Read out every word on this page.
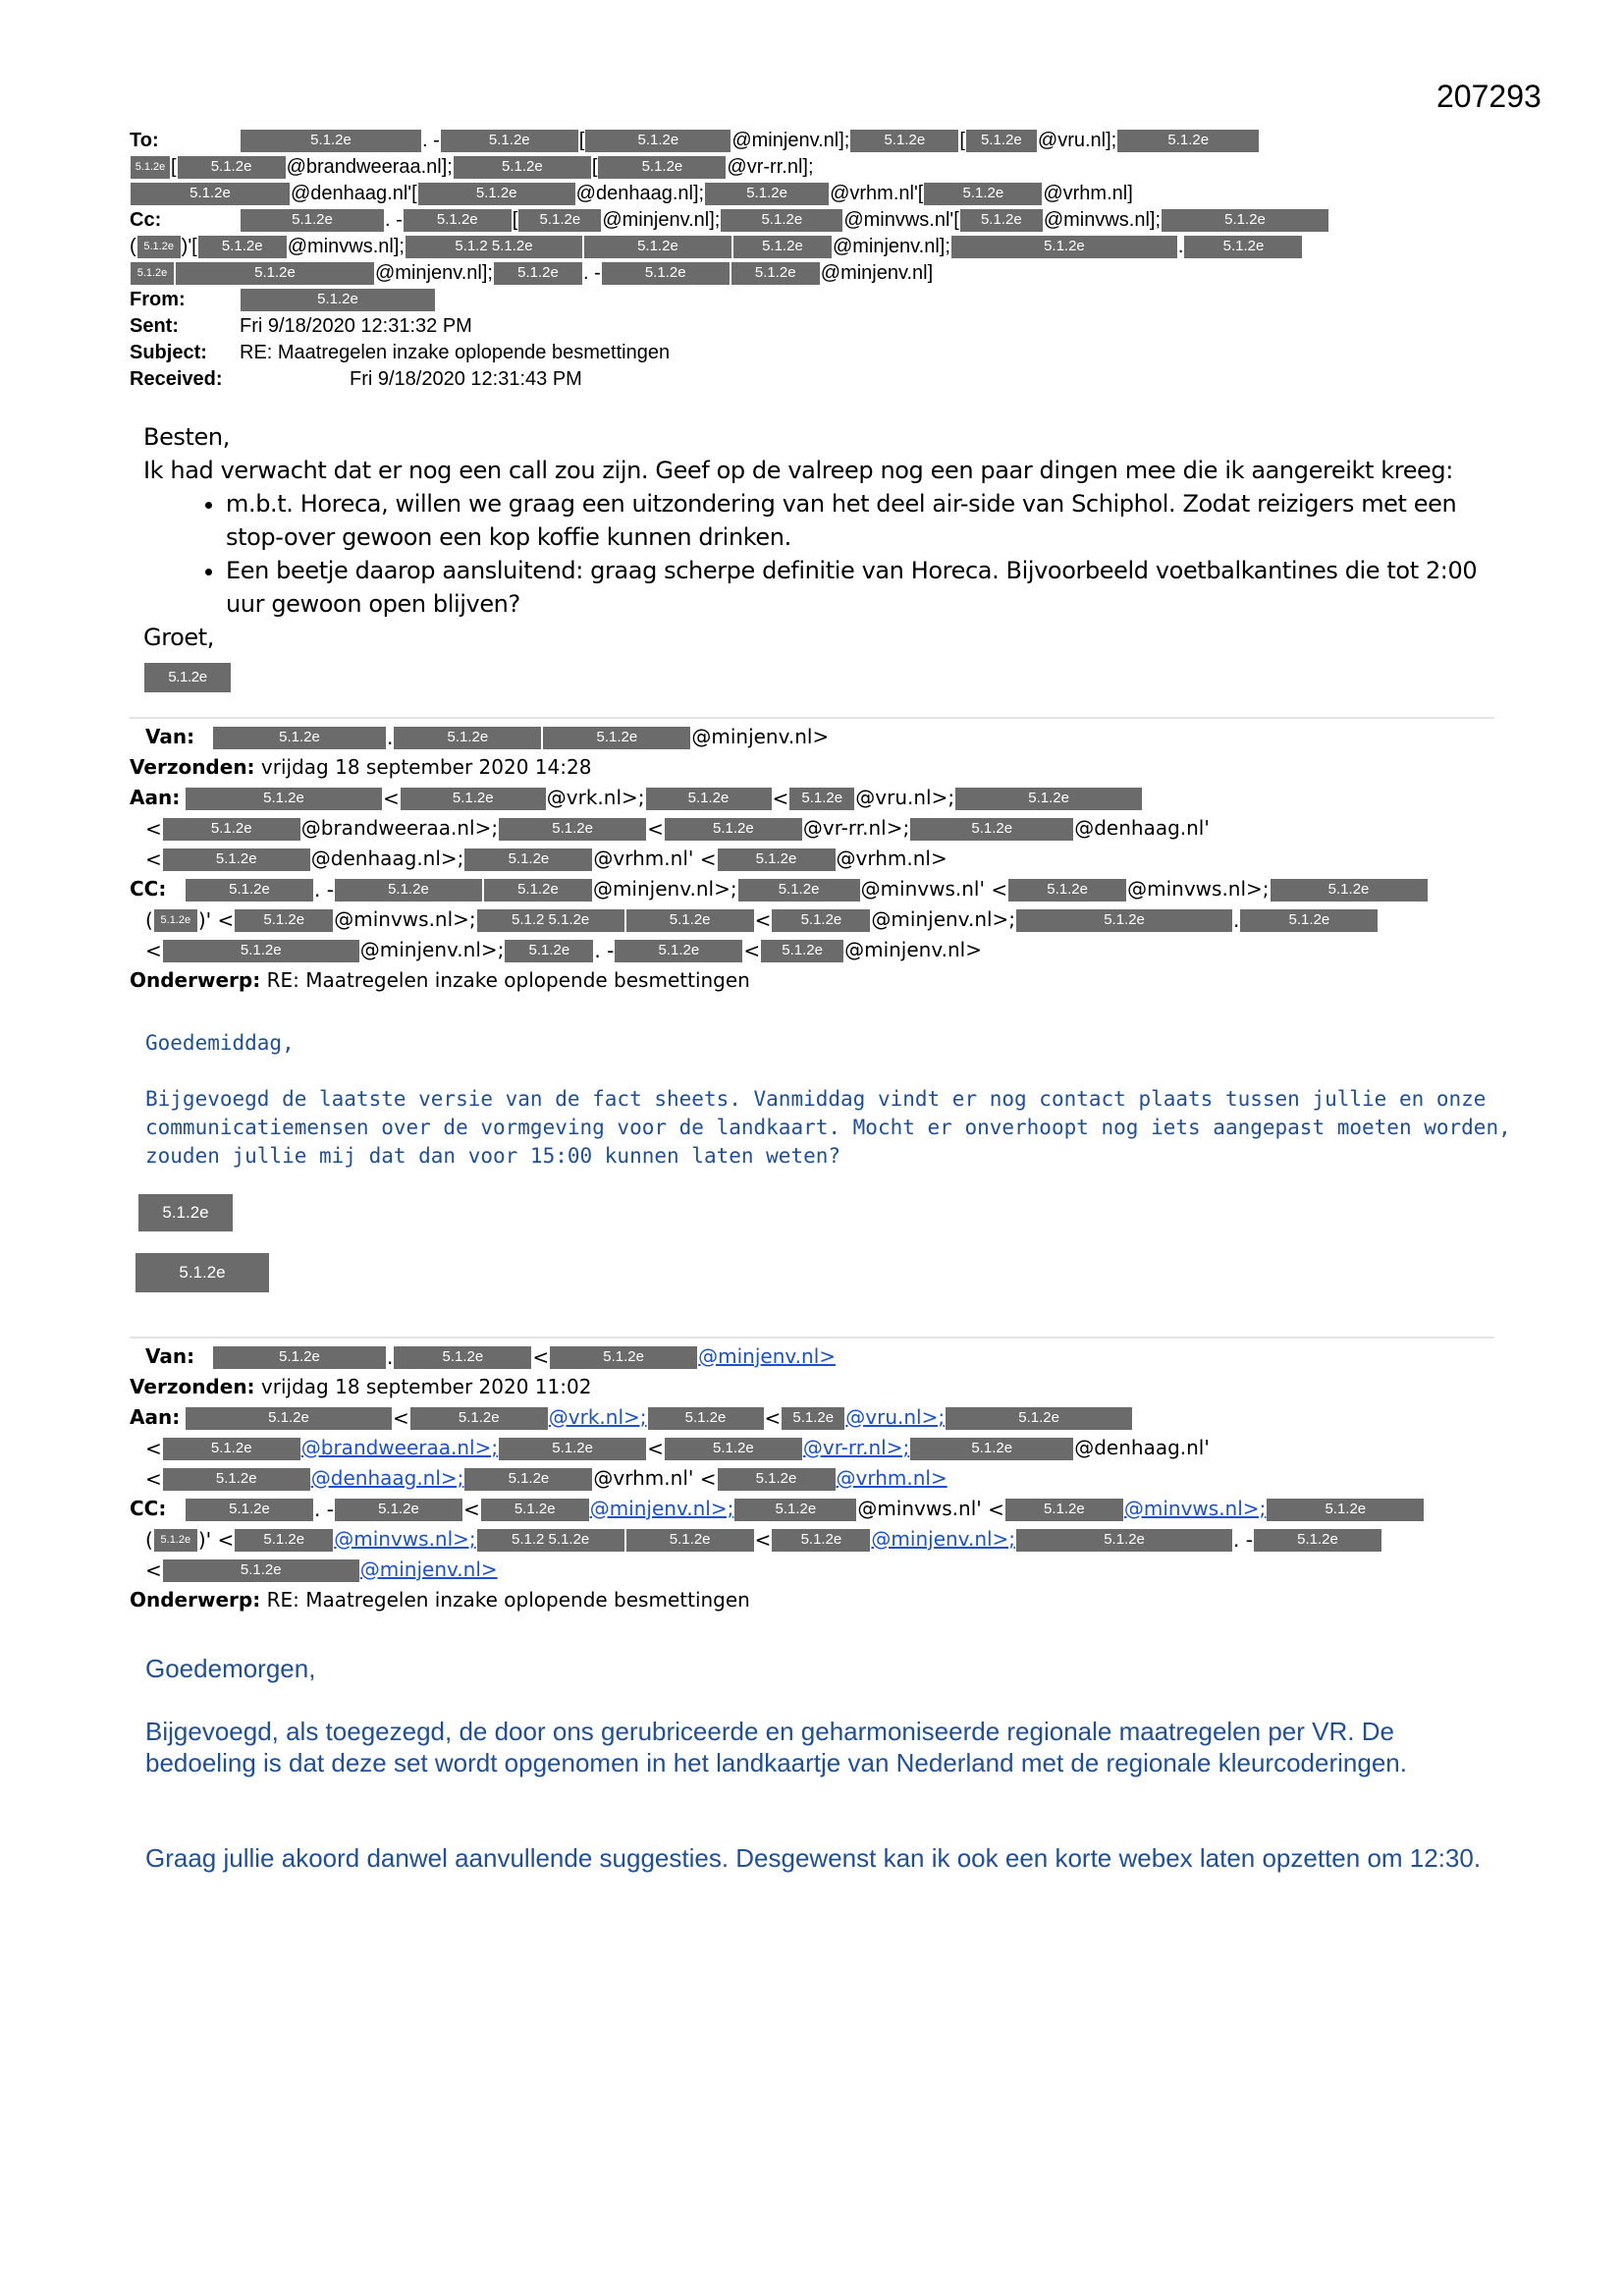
207293
To:	5.1.2e	. -	5.1.2e	[	5.1.2e	@minjenv.nl]; 5.1.2e [ 5.1.2e @vru.nl];	5.1.2e
5.1.2e [ 5.1.2e @brandweeraa.nl];	5.1.2e	[	5.1.2e @vr-rr.nl];
5.1.2e	@denhaag.nl'[	5.1.2e	@denhaag.nl];	5.1.2e @vrhm.nl'[	5.1.2e @vrhm.nl]
Cc:	5.1.2e	. - 5.1.2e [ 5.1.2e @minjenv.nl];	5.1.2e @minvws.nl'[ 5.1.2e @minvws.nl];	5.1.2e
( 5.1.2e )'[ 5.1.2e @minvws.nl];	5.1.2 5.1.2e	5.1.2e	5.1.2e @minjenv.nl];	5.1.2e	.	5.1.2e
5.1.2e	5.1.2e	@minjenv.nl]; 5.1.2e . -	5.1.2e	5.1.2e @minjenv.nl]
From:	5.1.2e
Sent:	Fri 9/18/2020 12:31:32 PM
Subject: RE: Maatregelen inzake oplopende besmettingen
Received:	Fri 9/18/2020 12:31:43 PM

Besten,

Ik had verwacht dat er nog een call zou zijn. Geef op de valreep nog een paar dingen mee die ik aangereikt kreeg:

• m.b.t. Horeca, willen we graag een uitzondering van het deel air-side van Schiphol. Zodat reizigers met een stop-over gewoon een kop koffie kunnen drinken.
• Een beetje daarop aansluitend: graag scherpe definitie van Horeca. Bijvoorbeeld voetbalkantines die tot 2:00 uur gewoon open blijven?

Groet,

5.1.2e
Van:	5.1.2e	.	5.1.2e	5.1.2e	@minjenv.nl>
Verzonden: vrijdag 18 september 2020 14:28
Aan:	5.1.2e	<	5.1.2e	@vrk.nl>;	5.1.2e < 5.1.2e @vru.nl>;	5.1.2e
<	5.1.2e	@brandweeraa.nl>;	5.1.2e	<	5.1.2e	@vr-rr.nl>;	5.1.2e	@denhaag.nl'
<	5.1.2e	@denhaag.nl>;	5.1.2e @vrhm.nl' <	5.1.2e @vrhm.nl>
CC:	5.1.2e . -	5.1.2e	5.1.2e @minjenv.nl>;	5.1.2e @minvws.nl' <	5.1.2e @minvws.nl>;	5.1.2e
( 5.1.2e )' < 5.1.2e @minvws.nl>; 5.1.2 5.1.2e	5.1.2e < 5.1.2e @minjenv.nl>;	5.1.2e	.	5.1.2e
<	5.1.2e	@minjenv.nl>; 5.1.2e . -	5.1.2e < 5.1.2e @minjenv.nl>
Onderwerp: RE: Maatregelen inzake oplopende besmettingen
Goedemiddag,
Bijgevoegd de laatste versie van de fact sheets. Vanmiddag vindt er nog contact plaats tussen jullie en onze communicatiemensen over de vormgeving voor de landkaart. Mocht er onverhoopt nog iets aangepast moeten worden, zouden jullie mij dat dan voor 15:00 kunnen laten weten?
5.1.2e
5.1.2e
Van:	5.1.2e	.	5.1.2e	<	5.1.2e	@minjenv.nl>
Verzonden: vrijdag 18 september 2020 11:02
Aan:	5.1.2e	<	5.1.2e	@vrk.nl>;	5.1.2e < 5.1.2e @vru.nl>;	5.1.2e
<	5.1.2e	@brandweeraa.nl>;	5.1.2e	<	5.1.2e	@vr-rr.nl>;	5.1.2e	@denhaag.nl'
<	5.1.2e	@denhaag.nl>;	5.1.2e @vrhm.nl' <	5.1.2e @vrhm.nl>
CC:	5.1.2e . -	5.1.2e < 5.1.2e @minjenv.nl>;	5.1.2e @minvws.nl' <	5.1.2e @minvws.nl>;	5.1.2e
( 5.1.2e )' < 5.1.2e @minvws.nl>; 5.1.2 5.1.2e	5.1.2e < 5.1.2e @minjenv.nl>;	5.1.2e	. -	5.1.2e
<	5.1.2e	@minjenv.nl>
Onderwerp: RE: Maatregelen inzake oplopende besmettingen
Goedemorgen,
Bijgevoegd, als toegezegd, de door ons gerubriceerde en geharmoniseerde regionale maatregelen per VR. De bedoeling is dat deze set wordt opgenomen in het landkaartje van Nederland met de regionale kleurcoderingen.
Graag jullie akoord danwel aanvullende suggesties. Desgewenst kan ik ook een korte webex laten opzetten om 12:30.
